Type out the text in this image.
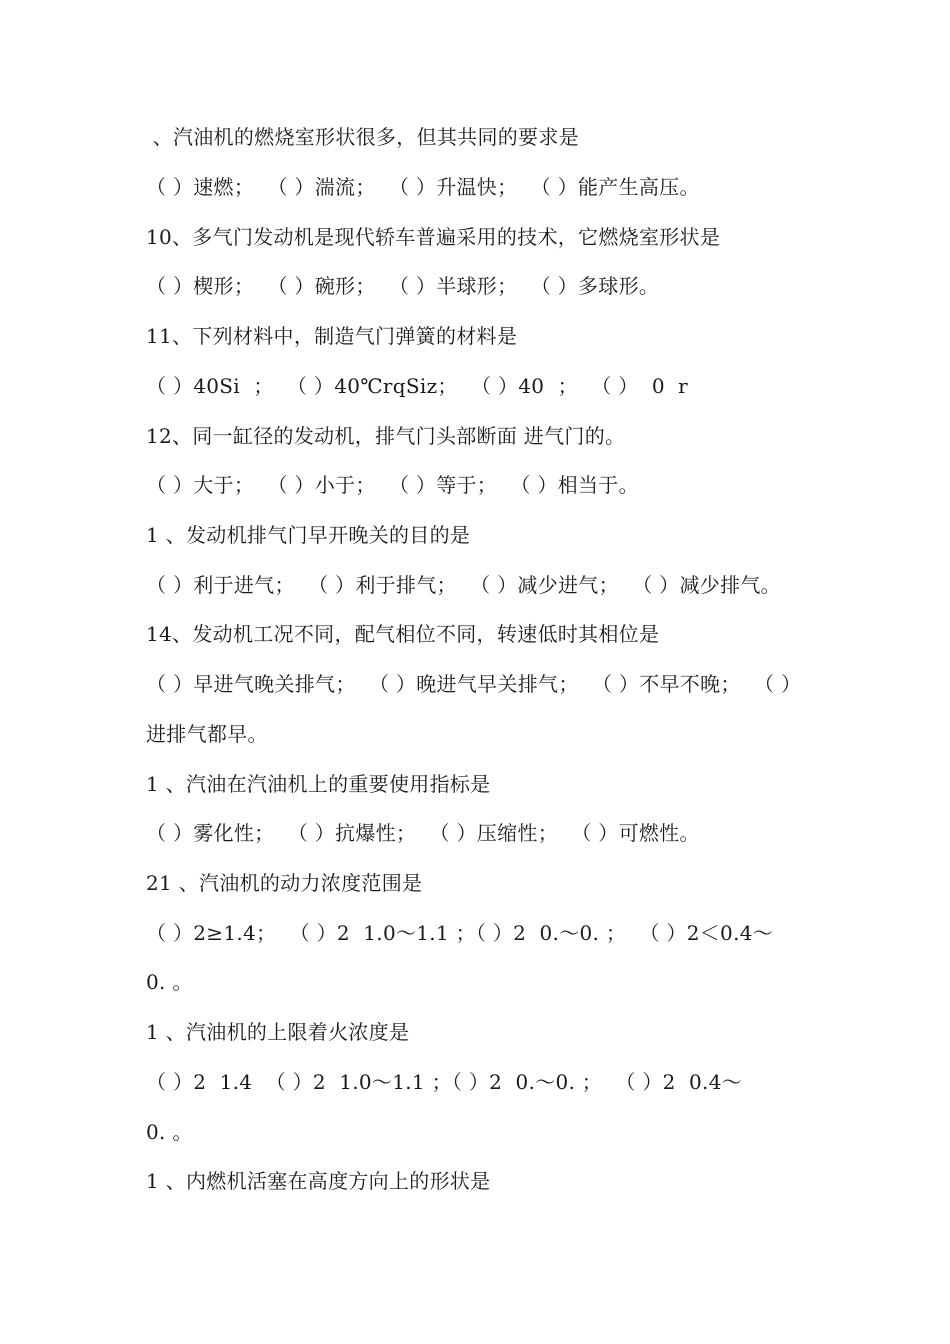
、汽油机的燃烧室形状很多，但其共同的要求是
（ ）速燃；  （ ）湍流；  （ ）升温快；  （ ）能产生高压。
10、多气门发动机是现代轿车普遍采用的技术，它燃烧室形状是
（ ）楔形；  （ ）碗形；  （ ）半球形；  （ ）多球形。
11、下列材料中，制造气门弹簧的材料是
（ ）40Si  ；  （ ）40℃rqSiz；  （ ）40  ；  （ ）  0  r
12、同一缸径的发动机，排气门头部断面 进气门的。
（ ）大于；  （ ）小于；  （ ）等于；  （ ）相当于。
1 、发动机排气门早开晚关的目的是
（ ）利于进气；  （ ）利于排气；  （ ）减少进气；  （ ）减少排气。
14、发动机工况不同，配气相位不同，转速低时其相位是
（ ）早进气晚关排气；  （ ）晚进气早关排气；  （ ）不早不晚；  （ ）
进排气都早。
1 、汽油在汽油机上的重要使用指标是
（ ）雾化性；  （ ）抗爆性；  （ ）压缩性；  （ ）可燃性。
21 、汽油机的动力浓度范围是
（ ）2≥1.4；  （ ）2  1.0～1.1 ；（ ）2  0.～0. ；  （ ）2＜0.4～
0. 。
1 、汽油机的上限着火浓度是
（ ）2  1.4  （ ）2  1.0～1.1 ；（ ）2  0.～0. ；  （ ）2  0.4～
0. 。
1 、内燃机活塞在高度方向上的形状是
